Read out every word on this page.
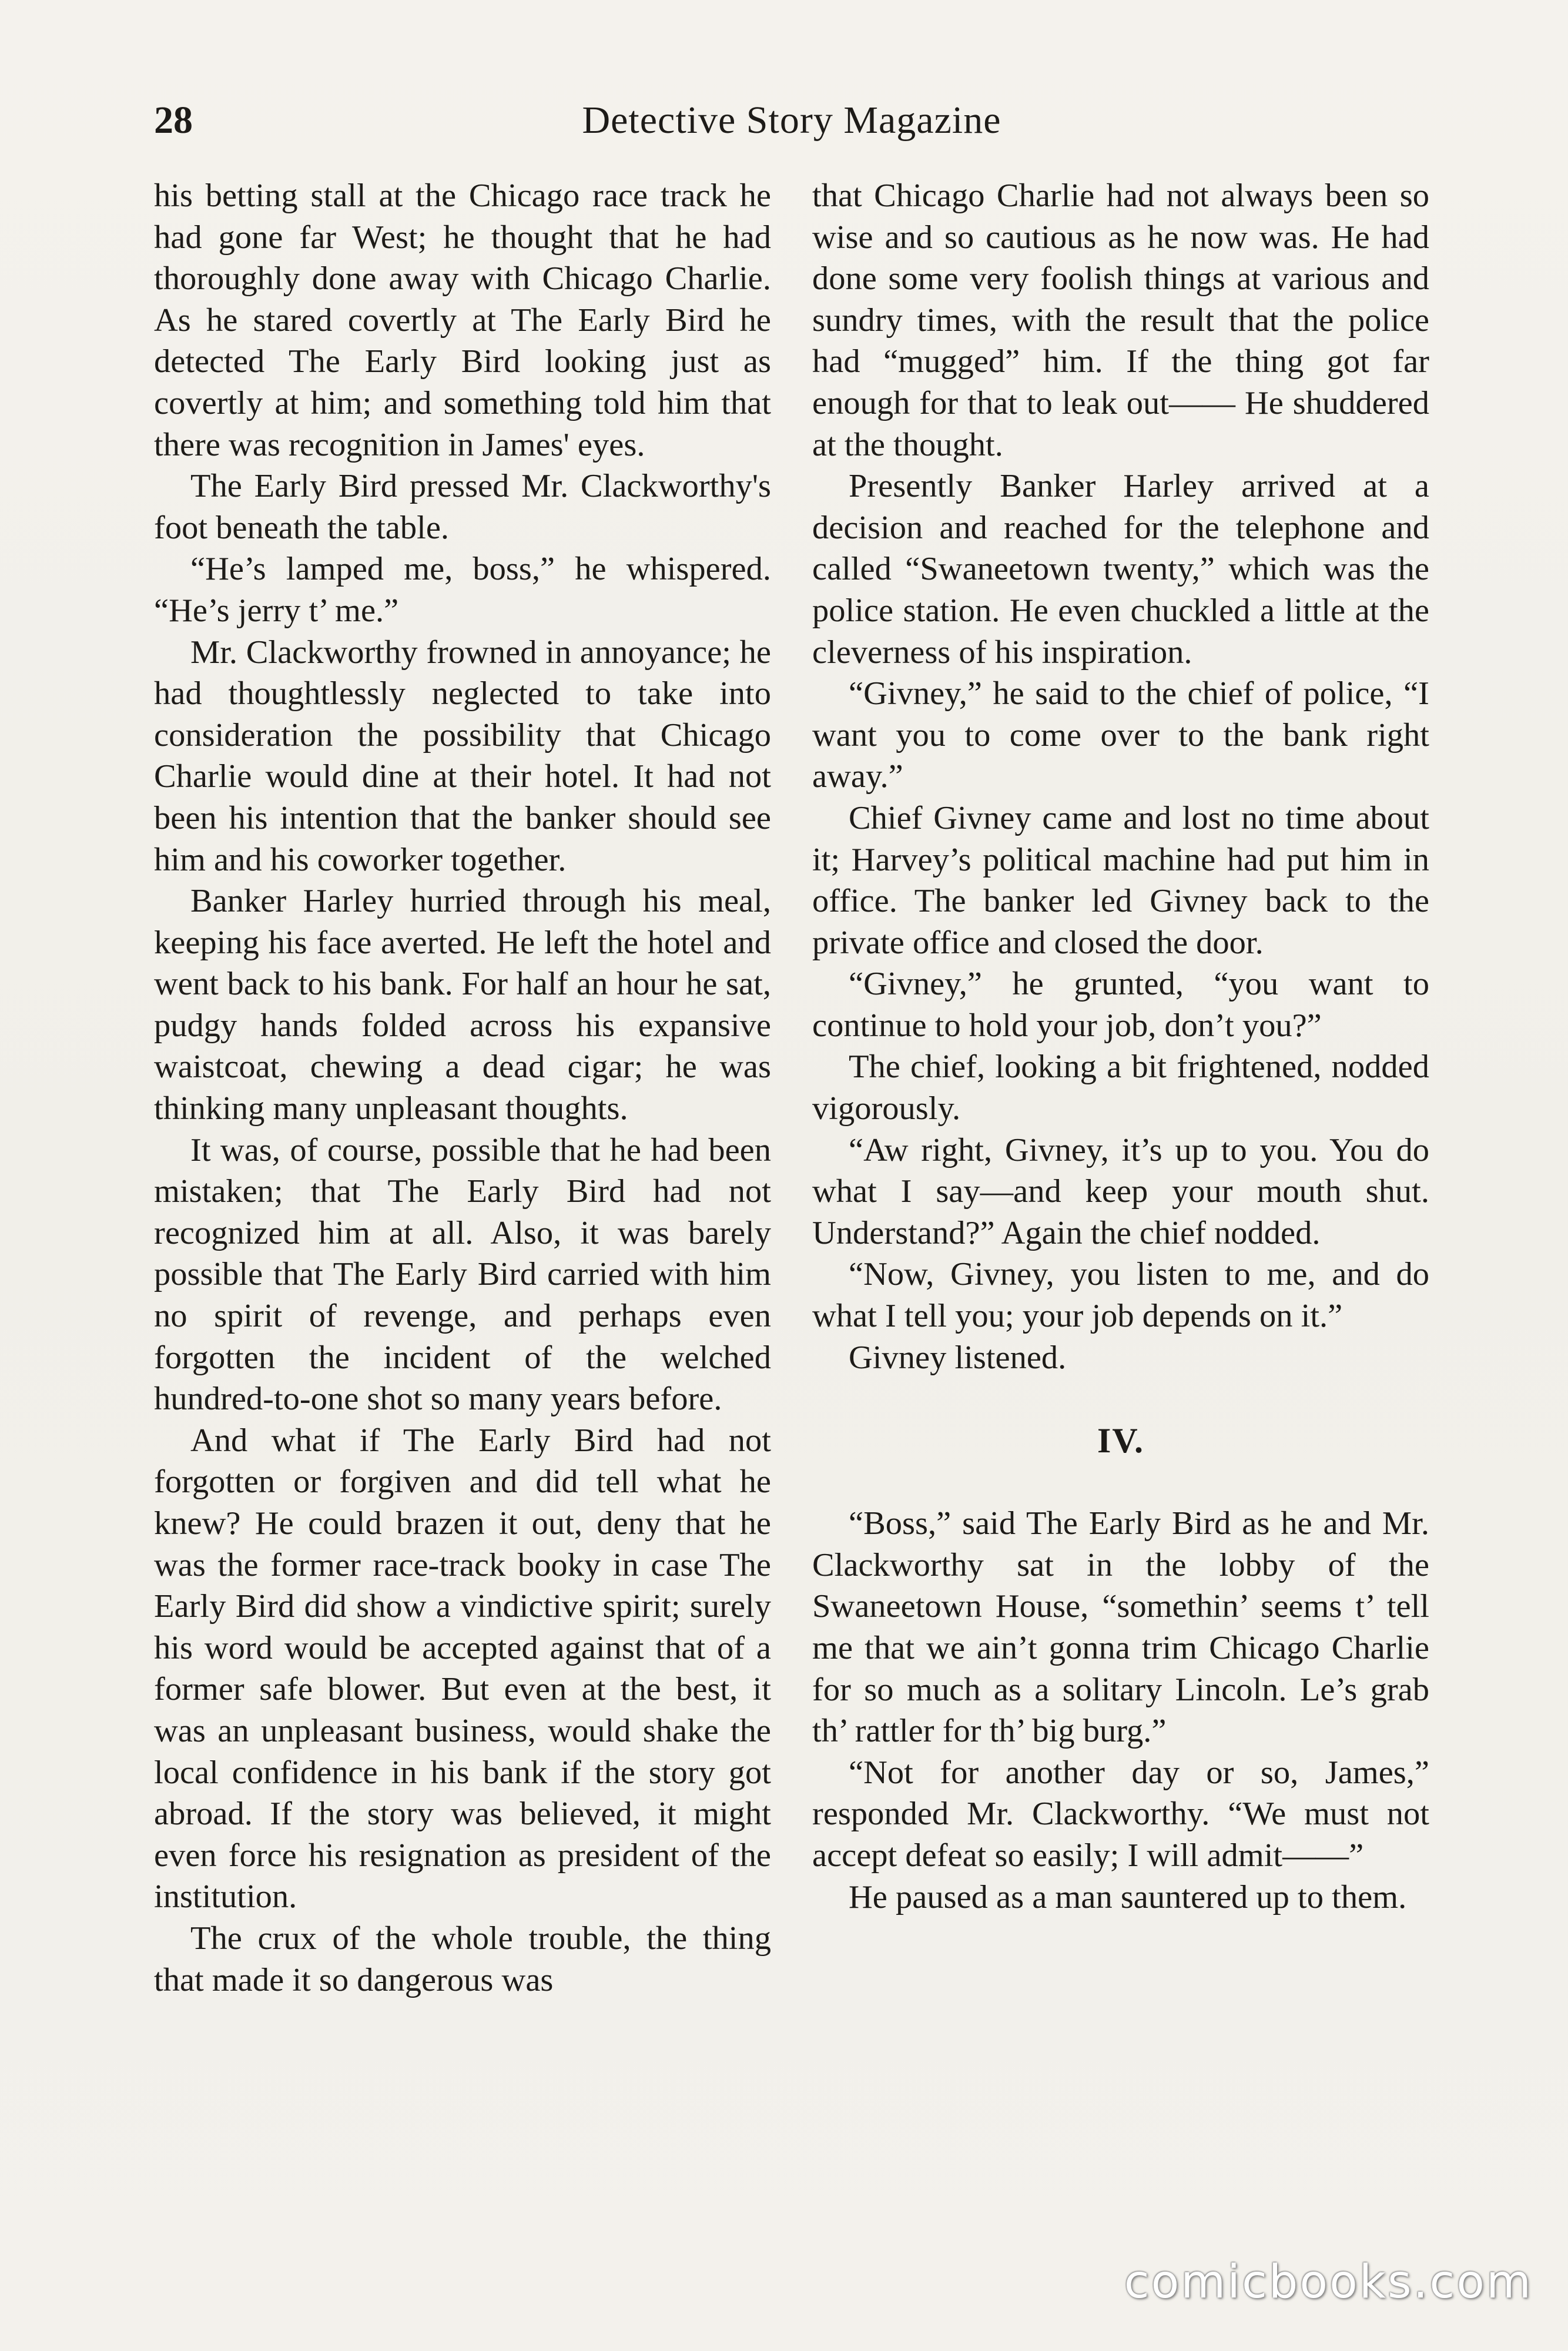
28	Detective Story Magazine

his betting stall at the Chicago race track he had gone far West; he thought that he had thoroughly done away with Chicago Charlie. As he stared covertly at The Early Bird he detected The Early Bird looking just as covertly at him; and something told him that there was recognition in James' eyes.

The Early Bird pressed Mr. Clackworthy's foot beneath the table.

“He’s lamped me, boss,” he whispered. “He’s jerry t’ me.”

Mr. Clackworthy frowned in annoyance; he had thoughtlessly neglected to take into consideration the possibility that Chicago Charlie would dine at their hotel. It had not been his intention that the banker should see him and his coworker together.

Banker Harley hurried through his meal, keeping his face averted. He left the hotel and went back to his bank. For half an hour he sat, pudgy hands folded across his expansive waistcoat, chewing a dead cigar; he was thinking many unpleasant thoughts.

It was, of course, possible that he had been mistaken; that The Early Bird had not recognized him at all. Also, it was barely possible that The Early Bird carried with him no spirit of revenge, and perhaps even forgotten the incident of the welched hundred-to-one shot so many years before.

And what if The Early Bird had not forgotten or forgiven and did tell what he knew? He could brazen it out, deny that he was the former race-track booky in case The Early Bird did show a vindictive spirit; surely his word would be accepted against that of a former safe blower. But even at the best, it was an unpleasant business, would shake the local confidence in his bank if the story got abroad. If the story was believed, it might even force his resignation as president of the institution.

The crux of the whole trouble, the thing that made it so dangerous was

that Chicago Charlie had not always been so wise and so cautious as he now was. He had done some very foolish things at various and sundry times, with the result that the police had “mugged” him. If the thing got far enough for that to leak out—— He shuddered at the thought.

Presently Banker Harley arrived at a decision and reached for the telephone and called “Swaneetown twenty,” which was the police station. He even chuckled a little at the cleverness of his inspiration.

“Givney,” he said to the chief of police, “I want you to come over to the bank right away.”

Chief Givney came and lost no time about it; Harvey’s political machine had put him in office. The banker led Givney back to the private office and closed the door.

“Givney,” he grunted, “you want to continue to hold your job, don’t you?”

The chief, looking a bit frightened, nodded vigorously.

“Aw right, Givney, it’s up to you. You do what I say—and keep your mouth shut. Understand?” Again the chief nodded.

“Now, Givney, you listen to me, and do what I tell you; your job depends on it.”

Givney listened.

IV.

“Boss,” said The Early Bird as he and Mr. Clackworthy sat in the lobby of the Swaneetown House, “somethin’ seems t’ tell me that we ain’t gonna trim Chicago Charlie for so much as a solitary Lincoln. Le’s grab th’ rattler for th’ big burg.”

“Not for another day or so, James,” responded Mr. Clackworthy. “We must not accept defeat so easily; I will admit——”

He paused as a man sauntered up to them.

comicbooks.com
